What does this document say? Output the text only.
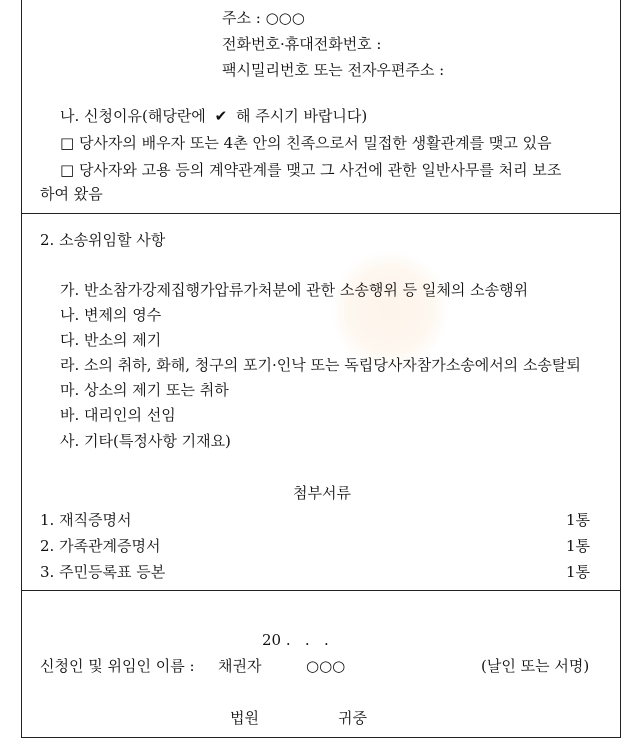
주소 : ○○○
전화번호·휴대전화번호 :
팩시밀리번호 또는 전자우편주소 :
나. 신청이유(해당란에 ✔ 해 주시기 바랍니다)
□ 당사자의 배우자 또는 4촌 안의 친족으로서 밀접한 생활관계를 맺고 있음
□ 당사자와 고용 등의 계약관계를 맺고 그 사건에 관한 일반사무를 처리 보조
하여 왔음
2. 소송위임할 사항
가. 반소참가강제집행가압류가처분에 관한 소송행위 등 일체의 소송행위
나. 변제의 영수
다. 반소의 제기
라. 소의 취하, 화해, 청구의 포기·인낙 또는 독립당사자참가소송에서의 소송탈퇴
마. 상소의 제기 또는 취하
바. 대리인의 선임
사. 기타(특정사항 기재요)
첨부서류
1. 재직증명서	1통
2. 가족관계증명서	1통
3. 주민등록표 등본	1통
20 .   .   .
신청인 및 위임인 이름 : 채권자	○○○	(날인 또는 서명)
법원	귀중
